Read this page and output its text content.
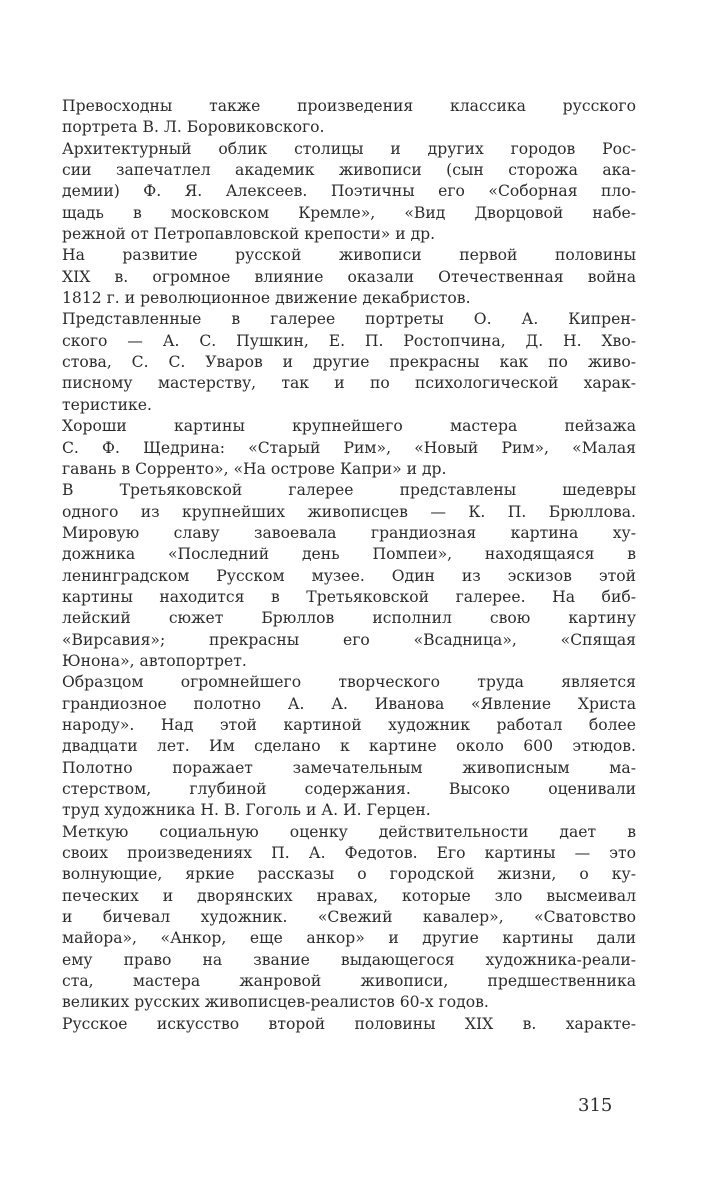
Превосходны также произведения классика русского
портрета В. Л. Боровиковского.
Архитектурный облик столицы и других городов Рос-
сии запечатлел академик живописи (сын сторожа ака-
демии) Ф. Я. Алексеев. Поэтичны его «Соборная пло-
щадь в московском Кремле», «Вид Дворцовой набе-
режной от Петропавловской крепости» и др.
На развитие русской живописи первой половины
XIX в. огромное влияние оказали Отечественная война
1812 г. и революционное движение декабристов.
Представленные в галерее портреты О. А. Кипрен-
ского — А. С. Пушкин, Е. П. Ростопчина, Д. Н. Хво-
стова, С. С. Уваров и другие прекрасны как по живо-
писному мастерству, так и по психологической харак-
теристике.
Хороши картины крупнейшего мастера пейзажа
С. Ф. Щедрина: «Старый Рим», «Новый Рим», «Малая
гавань в Сорренто», «На острове Капри» и др.
В Третьяковской галерее представлены шедевры
одного из крупнейших живописцев — К. П. Брюллова.
Мировую славу завоевала грандиозная картина ху-
дожника «Последний день Помпеи», находящаяся в
ленинградском Русском музее. Один из эскизов этой
картины находится в Третьяковской галерее. На биб-
лейский сюжет Брюллов исполнил свою картину
«Вирсавия»; прекрасны его «Всадница», «Спящая
Юнона», автопортрет.
Образцом огромнейшего творческого труда является
грандиозное полотно А. А. Иванова «Явление Христа
народу». Над этой картиной художник работал более
двадцати лет. Им сделано к картине около 600 этюдов.
Полотно поражает замечательным живописным ма-
стерством, глубиной содержания. Высоко оценивали
труд художника Н. В. Гоголь и А. И. Герцен.
Меткую социальную оценку действительности дает в
своих произведениях П. А. Федотов. Его картины — это
волнующие, яркие рассказы о городской жизни, о ку-
печеских и дворянских нравах, которые зло высмеивал
и бичевал художник. «Свежий кавалер», «Сватовство
майора», «Анкор, еще анкор» и другие картины дали
ему право на звание выдающегося художника-реали-
ста, мастера жанровой живописи, предшественника
великих русских живописцев-реалистов 60-х годов.
Русское искусство второй половины XIX в. характе-
315
